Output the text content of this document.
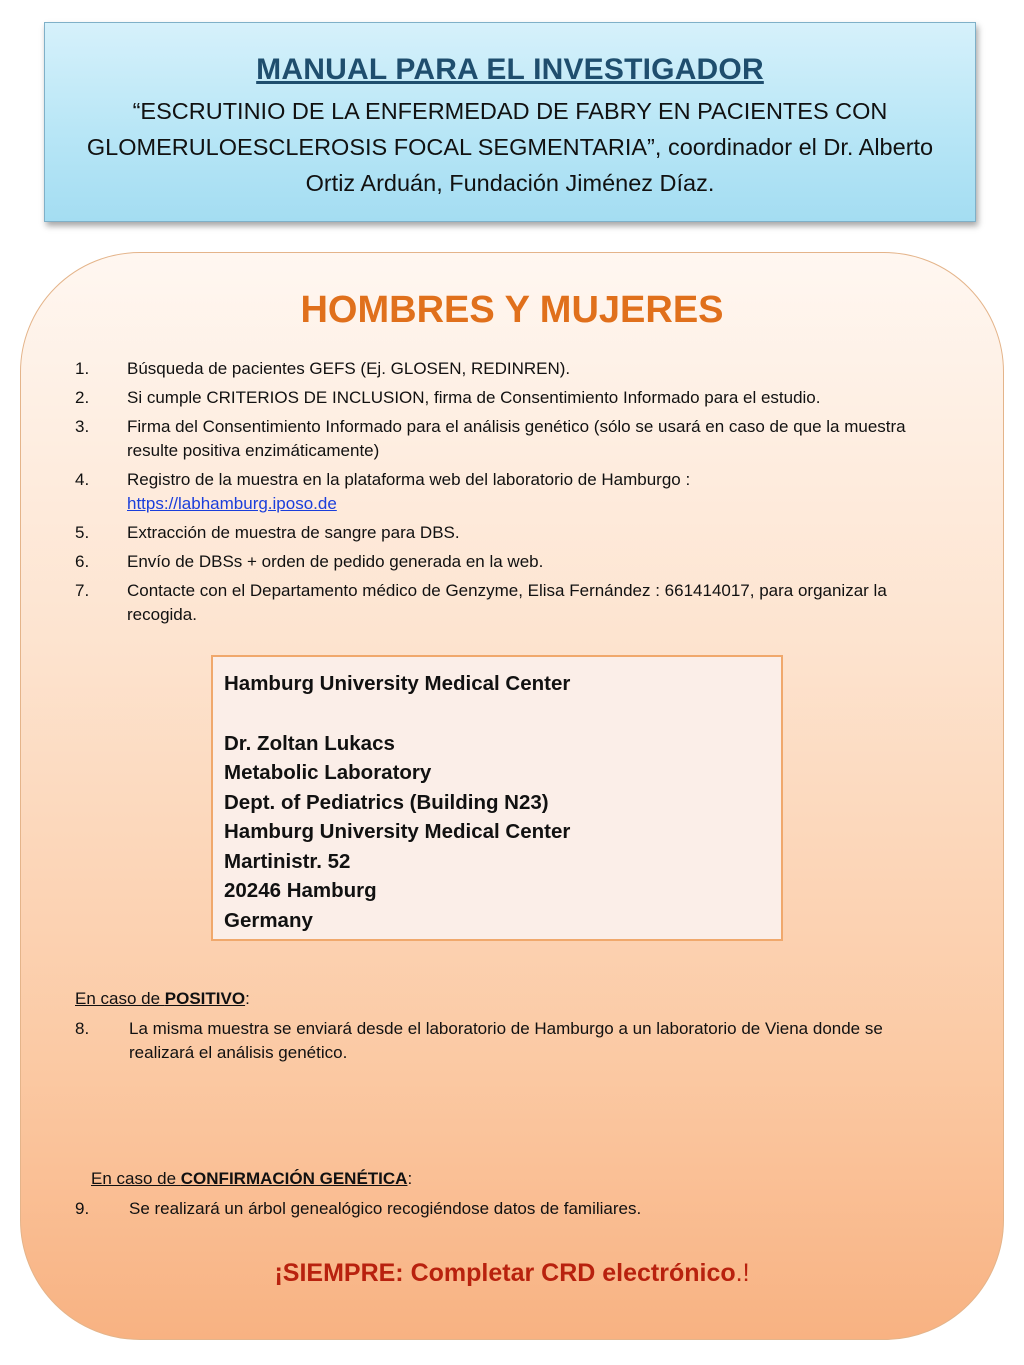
MANUAL PARA EL INVESTIGADOR
“ESCRUTINIO DE LA ENFERMEDAD DE FABRY EN PACIENTES CON GLOMERULOESCLEROSIS FOCAL SEGMENTARIA”, coordinador el Dr. Alberto Ortiz Arduán, Fundación Jiménez Díaz.
HOMBRES Y MUJERES
1. Búsqueda de pacientes GEFS (Ej. GLOSEN, REDINREN).
2. Si cumple CRITERIOS DE INCLUSION, firma de Consentimiento Informado para el estudio.
3. Firma del Consentimiento Informado para el análisis genético (sólo se usará en caso de que la muestra resulte positiva enzimáticamente)
4. Registro de la muestra en la plataforma web del laboratorio de Hamburgo :
https://labhamburg.iposo.de
5. Extracción de muestra de sangre para DBS.
6. Envío de DBSs + orden de pedido generada en la web.
7. Contacte con el Departamento médico de Genzyme, Elisa Fernández : 661414017, para organizar la recogida.
Hamburg University Medical Center
Dr. Zoltan Lukacs
Metabolic Laboratory
Dept. of Pediatrics (Building N23)
Hamburg University Medical Center
Martinistr. 52
20246 Hamburg
Germany
En caso de POSITIVO:
8.	La misma muestra se enviará desde el laboratorio de Hamburgo a un laboratorio de Viena donde se realizará el análisis genético.
En caso de CONFIRMACIÓN GENÉTICA:
9.	Se realizará un árbol genealógico recogiéndose datos de familiares.
¡SIEMPRE: Completar CRD electrónico.!
